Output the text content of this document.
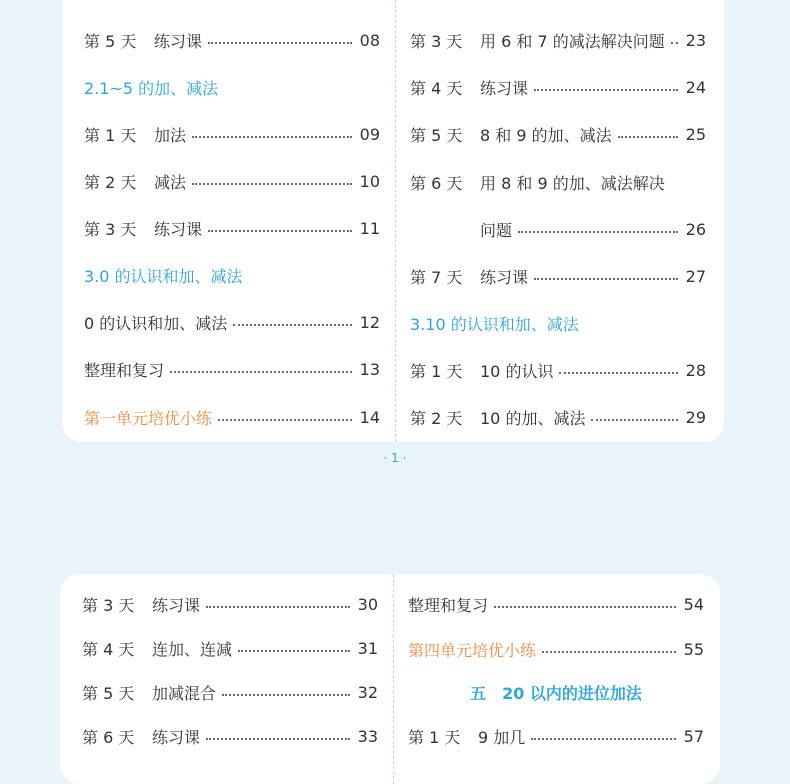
第 5 天	练习课	08
2.1~5 的加、减法
第 1 天	加法	09
第 2 天	减法	10
第 3 天	练习课	11
3.0 的认识和加、减法
0 的认识和加、减法	12
整理和复习	13
第一单元培优小练	14
第 3 天	用 6 和 7 的减法解决问题 23
第 4 天	练习课	24
第 5 天	8 和 9 的加、减法	25
第 6 天	用 8 和 9 的加、减法解决
问题	26
第 7 天	练习课	27
3.10 的认识和加、减法
第 1 天	10 的认识	28
第 2 天	10 的加、减法	29
· 1 ·
第 3 天	练习课	30
第 4 天	连加、连减	31
第 5 天	加减混合	32
第 6 天	练习课	33
整理和复习	54
第四单元培优小练	55
五　20 以内的进位加法
第 1 天	9 加几	57
